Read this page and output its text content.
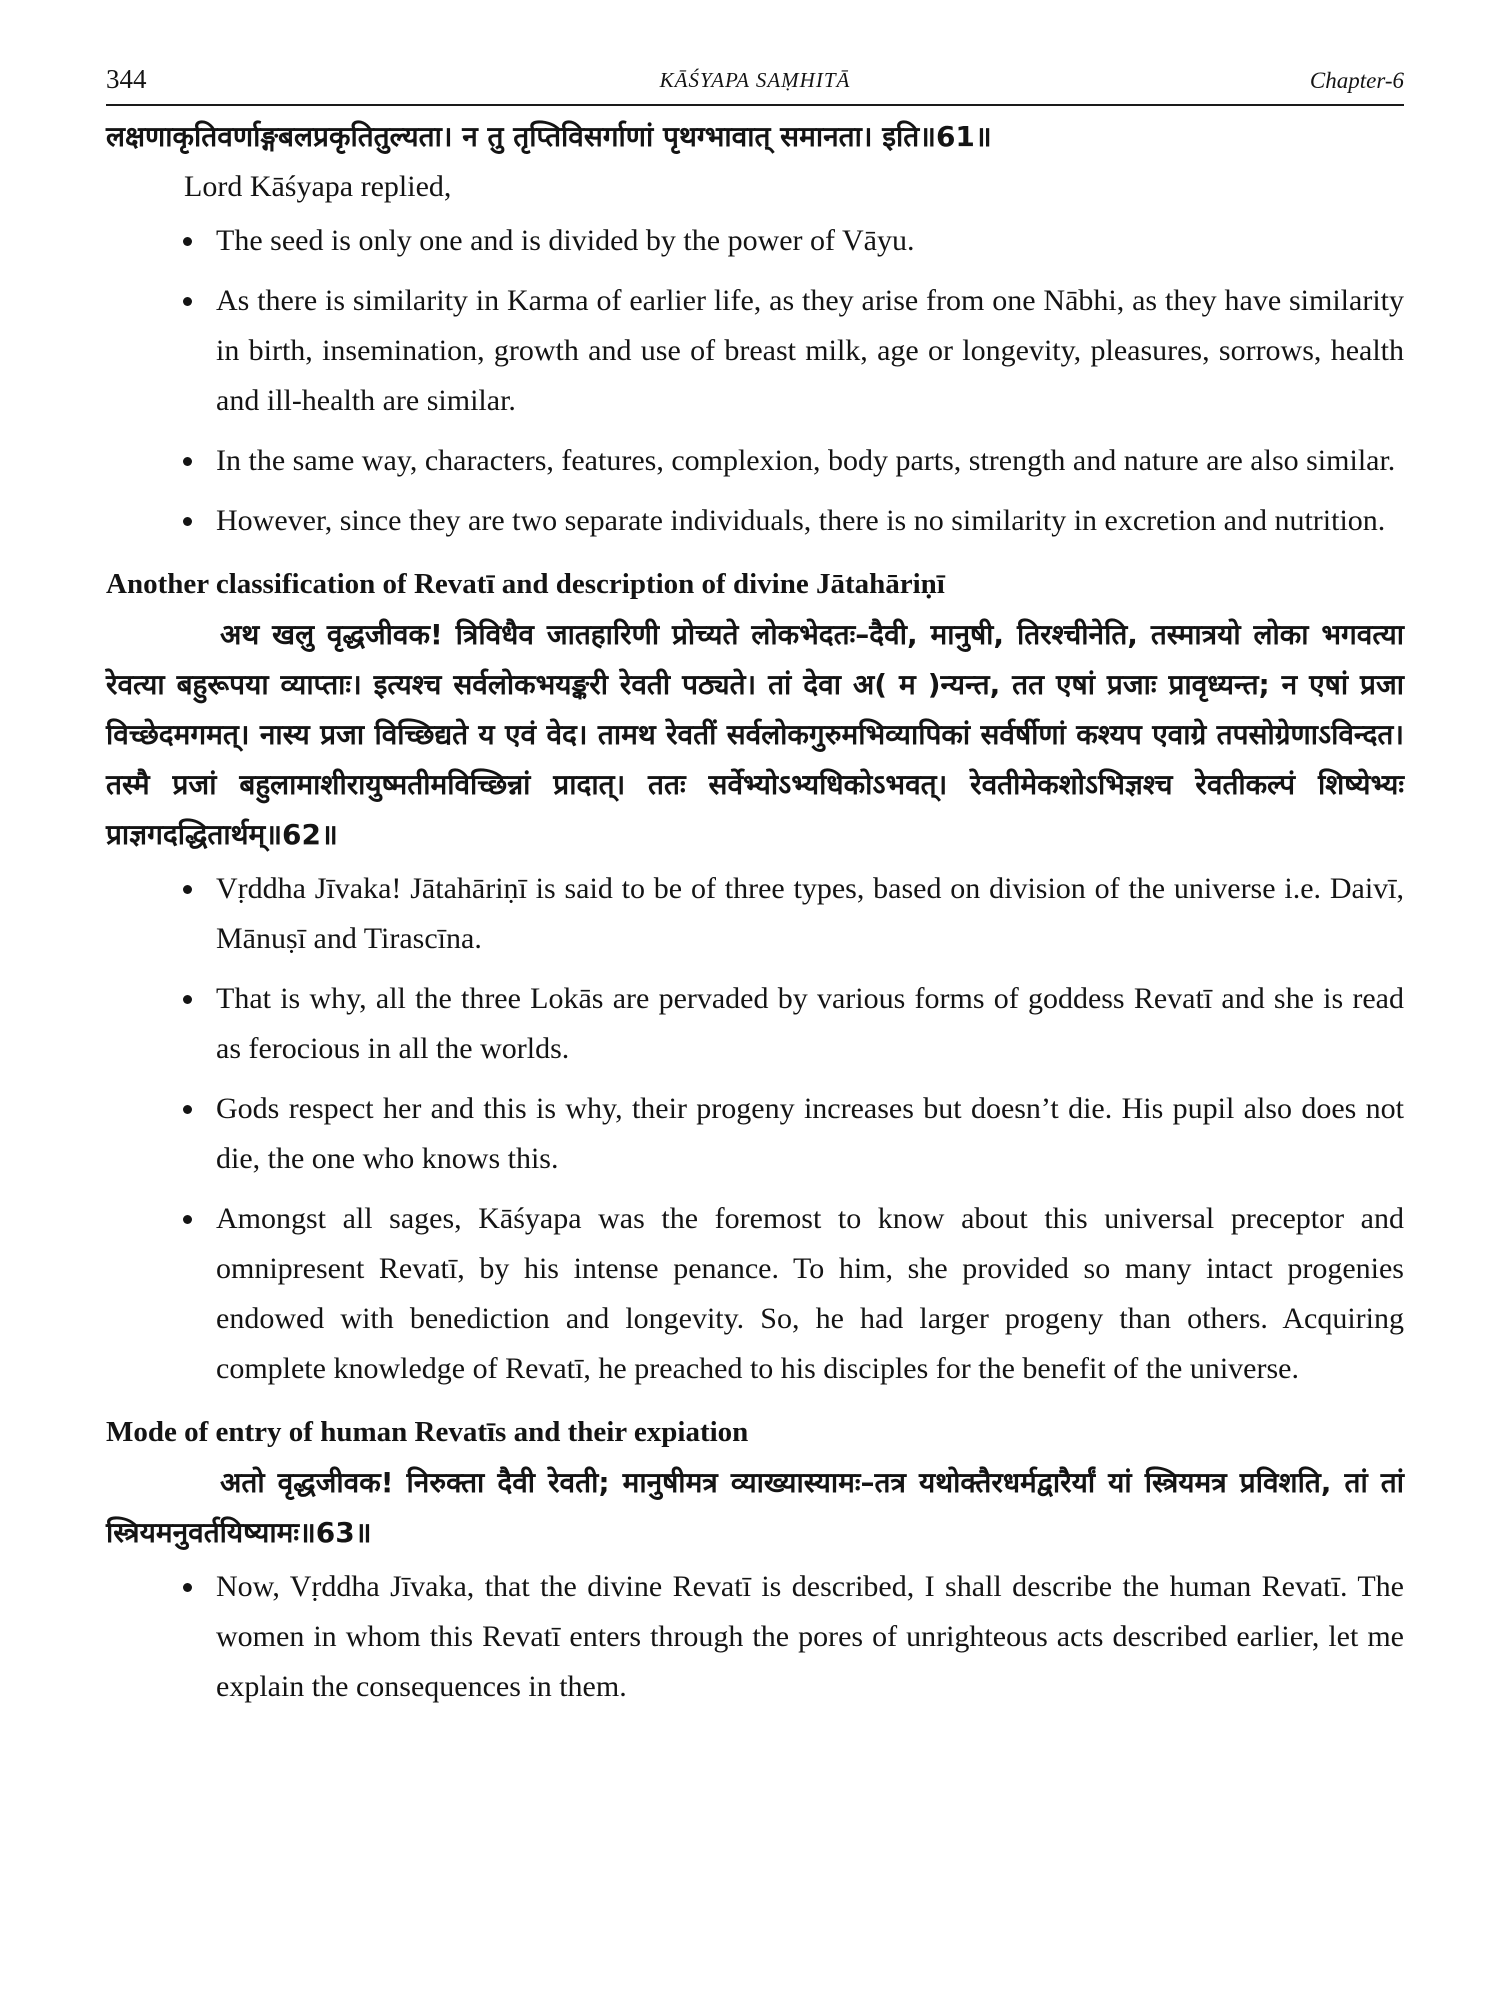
344	KĀŚYAPA SAṂHITĀ	Chapter-6

लक्षणाकृतिवर्णाङ्गबलप्रकृतितुल्यता। न तु तृप्तिविसर्गाणां पृथग्भावात् समानता। इति॥61॥

Lord Kāśyapa replied,

The seed is only one and is divided by the power of Vāyu.
As there is similarity in Karma of earlier life, as they arise from one Nābhi, as they have similarity in birth, insemination, growth and use of breast milk, age or longevity, pleasures, sorrows, health and ill-health are similar.
In the same way, characters, features, complexion, body parts, strength and nature are also similar.
However, since they are two separate individuals, there is no similarity in excretion and nutrition.

Another classification of Revatī and description of divine Jātahāriṇī

अथ खलु वृद्धजीवक! त्रिविधैव जातहारिणी प्रोच्यते लोकभेदतः–दैवी, मानुषी, तिरश्चीनेति, तस्मात्रयो लोका भगवत्या रेवत्या बहुरूपया व्याप्ताः। इत्यश्च सर्वलोकभयङ्करी रेवती पठ्यते। तां देवा अ( म )न्यन्त, तत एषां प्रजाः प्रावृध्यन्त; न एषां प्रजा विच्छेदमगमत्। नास्य प्रजा विच्छिद्यते य एवं वेद। तामथ रेवतीं सर्वलोकगुरुमभिव्यापिकां सर्वर्षीणां कश्यप एवाग्रे तपसोग्रेणाऽविन्दत। तस्मै प्रजां बहुलामाशीरायुष्मतीमविच्छिन्नां प्रादात्। ततः सर्वेभ्योऽभ्यधिकोऽभवत्। रेवतीमेकशोऽभिज्ञश्च रेवतीकल्पं शिष्येभ्यः प्राज्ञगदद्धितार्थम्॥62॥

Vṛddha Jīvaka! Jātahāriṇī is said to be of three types, based on division of the universe i.e. Daivī, Mānuṣī and Tirascīna.
That is why, all the three Lokās are pervaded by various forms of goddess Revatī and she is read as ferocious in all the worlds.
Gods respect her and this is why, their progeny increases but doesn’t die. His pupil also does not die, the one who knows this.
Amongst all sages, Kāśyapa was the foremost to know about this universal preceptor and omnipresent Revatī, by his intense penance. To him, she provided so many intact progenies endowed with benediction and longevity. So, he had larger progeny than others. Acquiring complete knowledge of Revatī, he preached to his disciples for the benefit of the universe.

Mode of entry of human Revatīs and their expiation

अतो वृद्धजीवक! निरुक्ता दैवी रेवती; मानुषीमत्र व्याख्यास्यामः–तत्र यथोक्तैरधर्मद्वारैर्यां यां स्त्रियमत्र प्रविशति, तां तां स्त्रियमनुवर्तयिष्यामः॥63॥

Now, Vṛddha Jīvaka, that the divine Revatī is described, I shall describe the human Revatī. The women in whom this Revatī enters through the pores of unrighteous acts described earlier, let me explain the consequences in them.
